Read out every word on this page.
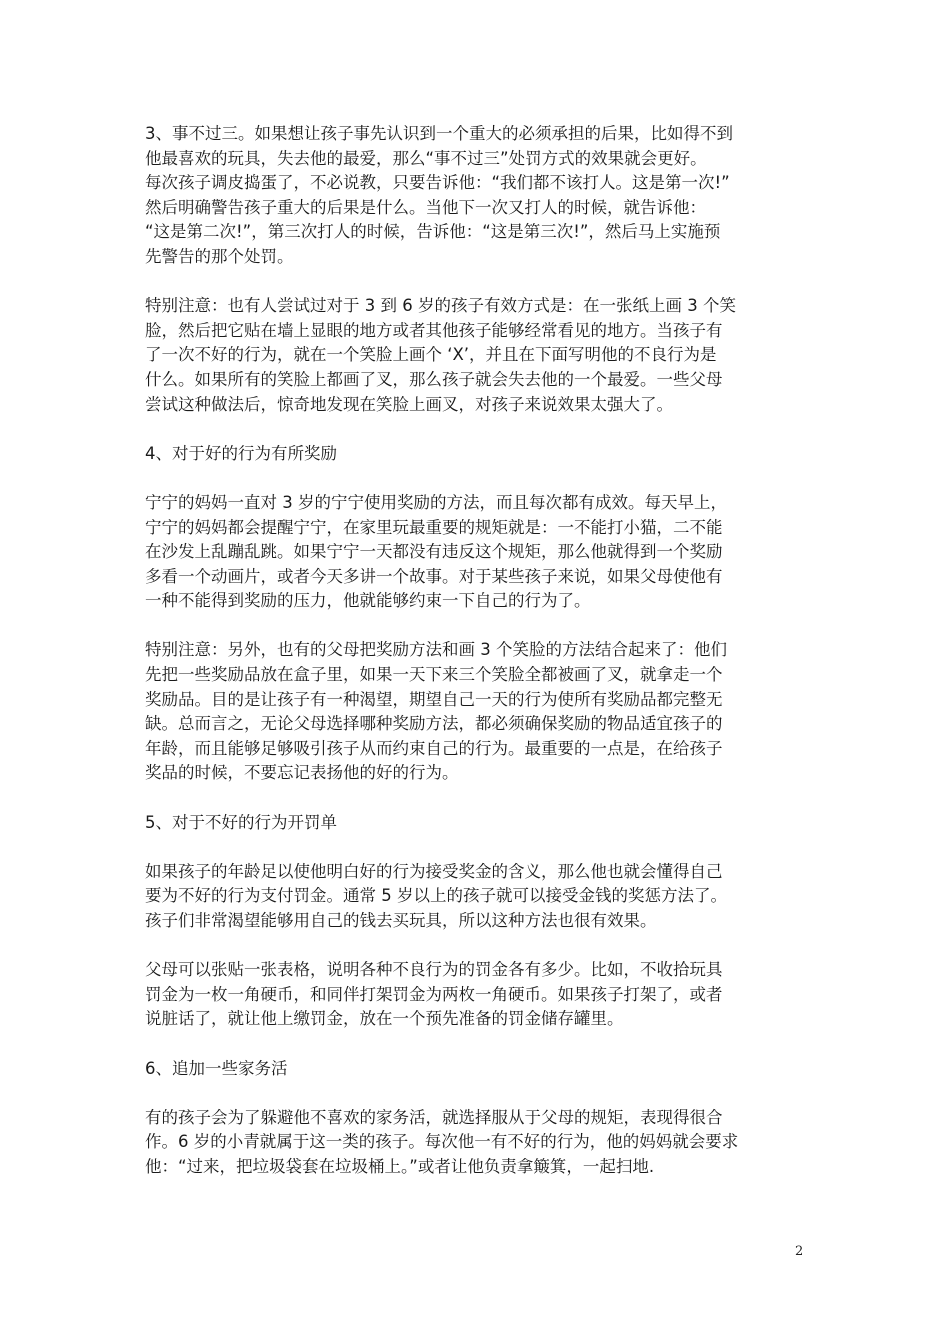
3、事不过三。如果想让孩子事先认识到一个重大的必须承担的后果，比如得不到
他最喜欢的玩具，失去他的最爱，那么“事不过三”处罚方式的效果就会更好。
每次孩子调皮捣蛋了，不必说教，只要告诉他：“我们都不该打人。这是第一次!”
然后明确警告孩子重大的后果是什么。当他下一次又打人的时候，就告诉他：
“这是第二次!”，第三次打人的时候，告诉他：“这是第三次!”，然后马上实施预
先警告的那个处罚。

特别注意：也有人尝试过对于 3 到 6 岁的孩子有效方式是：在一张纸上画 3 个笑
脸，然后把它贴在墙上显眼的地方或者其他孩子能够经常看见的地方。当孩子有
了一次不好的行为，就在一个笑脸上画个 ‘X’，并且在下面写明他的不良行为是
什么。如果所有的笑脸上都画了叉，那么孩子就会失去他的一个最爱。一些父母
尝试这种做法后，惊奇地发现在笑脸上画叉，对孩子来说效果太强大了。

4、对于好的行为有所奖励

宁宁的妈妈一直对 3 岁的宁宁使用奖励的方法，而且每次都有成效。每天早上，
宁宁的妈妈都会提醒宁宁，在家里玩最重要的规矩就是：一不能打小猫，二不能
在沙发上乱蹦乱跳。如果宁宁一天都没有违反这个规矩，那么他就得到一个奖励
多看一个动画片，或者今天多讲一个故事。对于某些孩子来说，如果父母使他有
一种不能得到奖励的压力，他就能够约束一下自己的行为了。

特别注意：另外，也有的父母把奖励方法和画 3 个笑脸的方法结合起来了：他们
先把一些奖励品放在盒子里，如果一天下来三个笑脸全都被画了叉，就拿走一个
奖励品。目的是让孩子有一种渴望，期望自己一天的行为使所有奖励品都完整无
缺。总而言之，无论父母选择哪种奖励方法，都必须确保奖励的物品适宜孩子的
年龄，而且能够足够吸引孩子从而约束自己的行为。最重要的一点是，在给孩子
奖品的时候，不要忘记表扬他的好的行为。

5、对于不好的行为开罚单

如果孩子的年龄足以使他明白好的行为接受奖金的含义，那么他也就会懂得自己
要为不好的行为支付罚金。通常 5 岁以上的孩子就可以接受金钱的奖惩方法了。
孩子们非常渴望能够用自己的钱去买玩具，所以这种方法也很有效果。

父母可以张贴一张表格，说明各种不良行为的罚金各有多少。比如，不收拾玩具
罚金为一枚一角硬币，和同伴打架罚金为两枚一角硬币。如果孩子打架了，或者
说脏话了，就让他上缴罚金，放在一个预先准备的罚金储存罐里。

6、追加一些家务活

有的孩子会为了躲避他不喜欢的家务活，就选择服从于父母的规矩，表现得很合
作。6 岁的小青就属于这一类的孩子。每次他一有不好的行为，他的妈妈就会要求
他：“过来，把垃圾袋套在垃圾桶上。”或者让他负责拿簸箕，一起扫地.

2
